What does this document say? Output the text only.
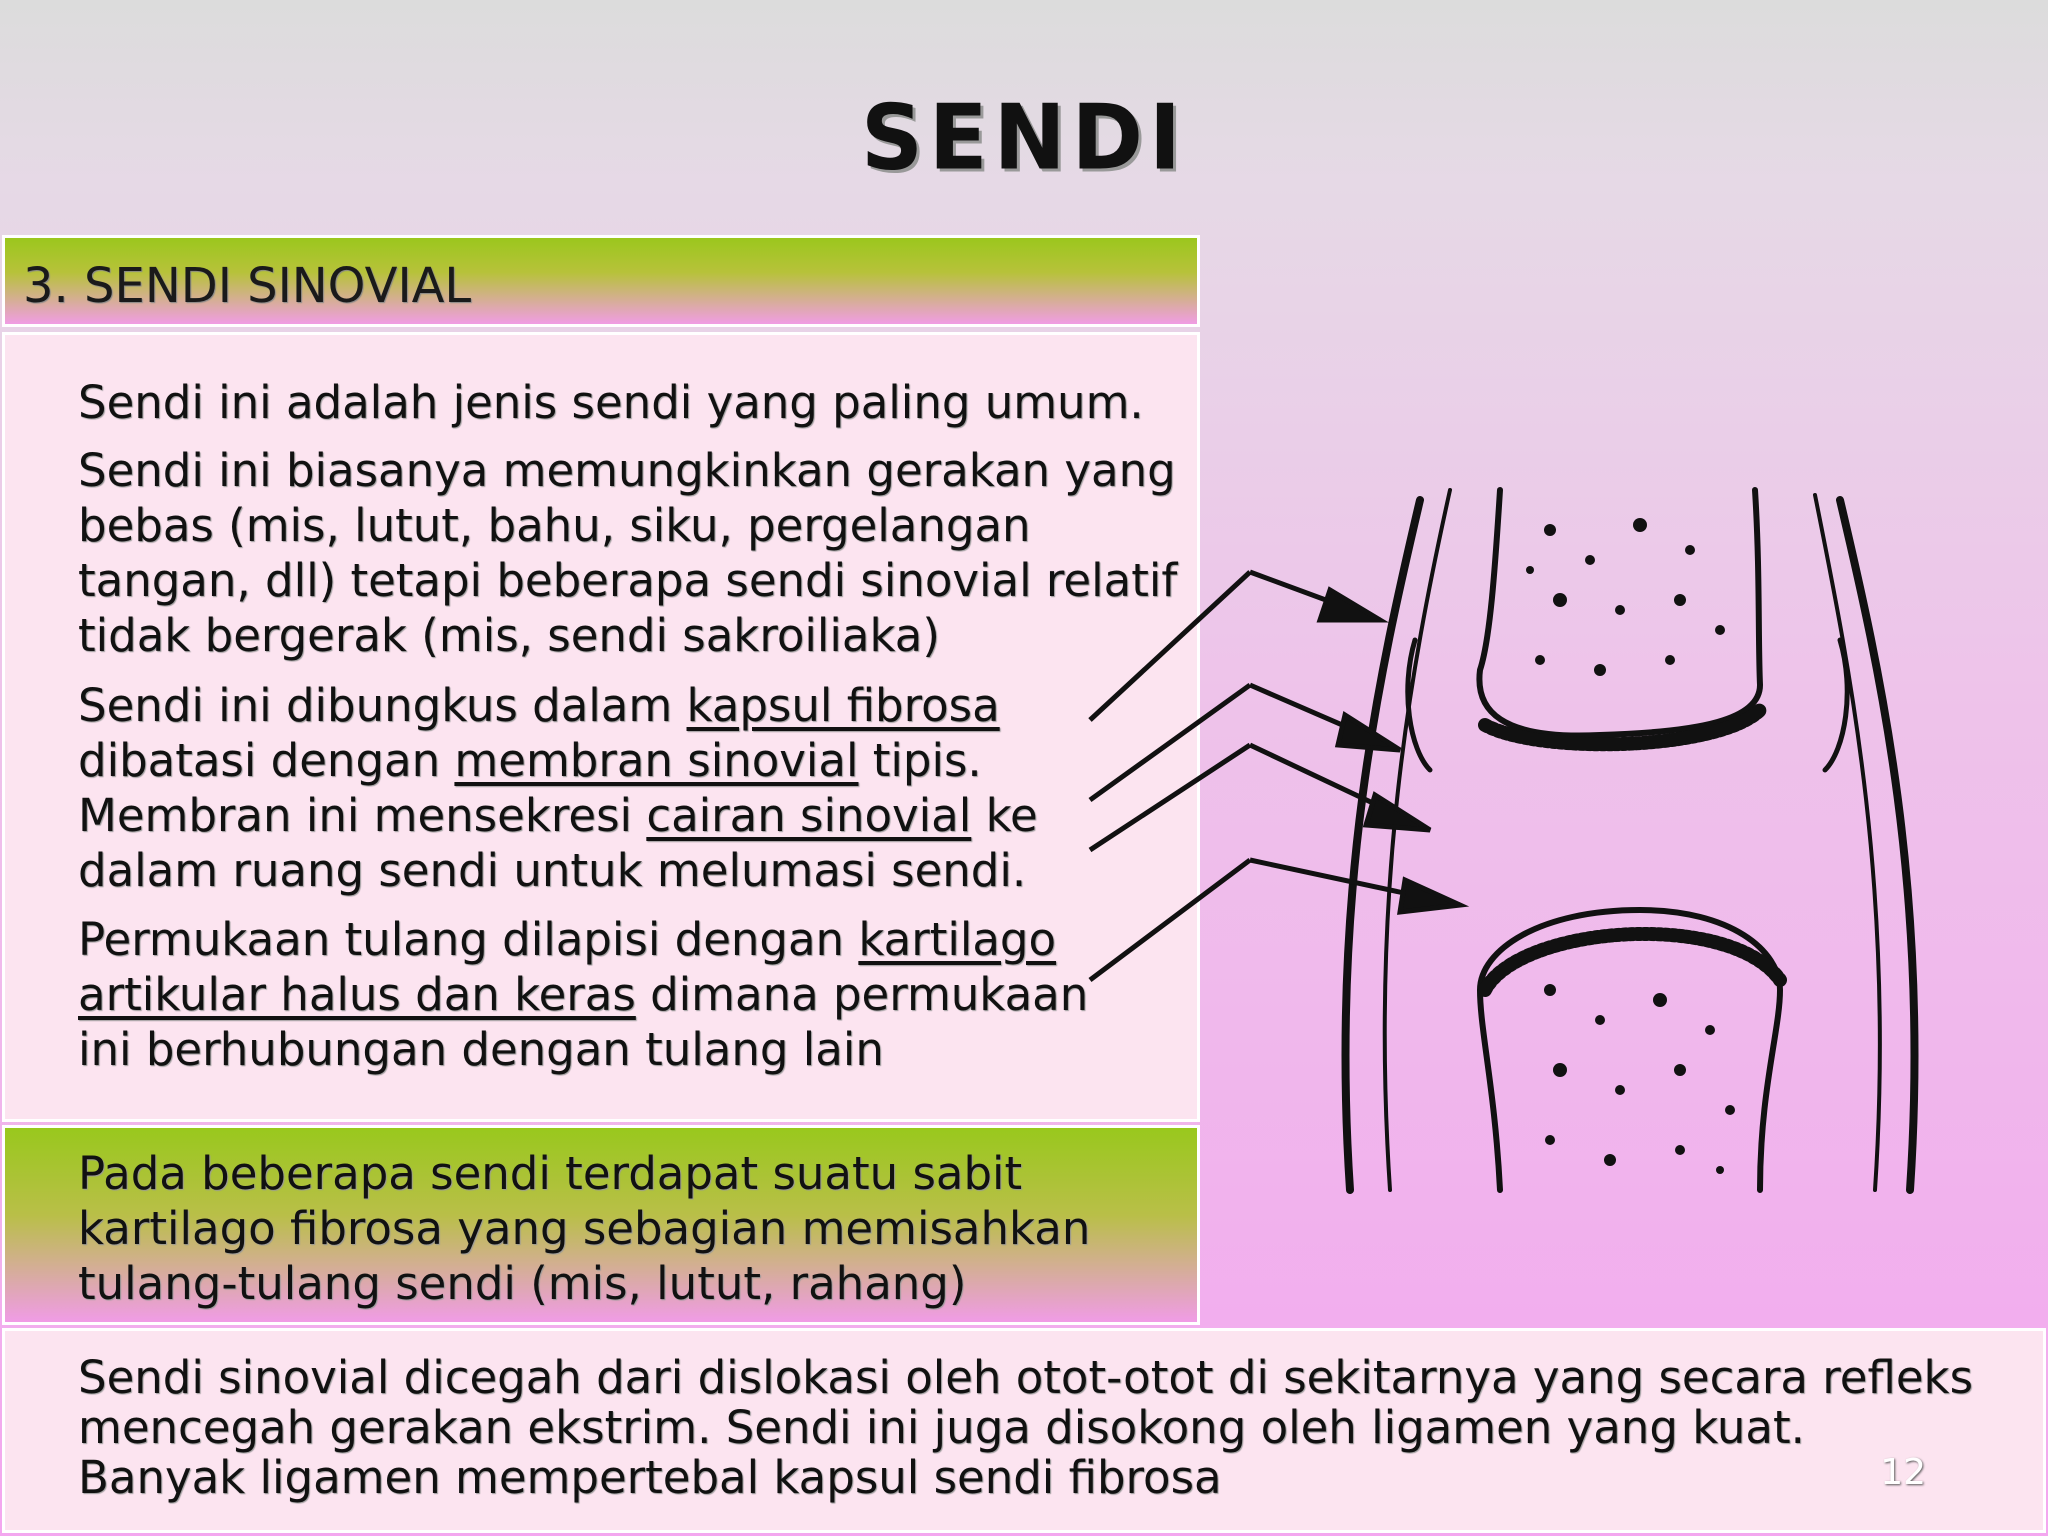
SENDI
3. SENDI SINOVIAL
Sendi ini adalah jenis sendi yang paling umum.
Sendi ini biasanya memungkinkan gerakan yang bebas (mis, lutut, bahu, siku, pergelangan tangan, dll) tetapi beberapa sendi sinovial relatif tidak bergerak (mis, sendi sakroiliaka)
Sendi ini dibungkus dalam kapsul fibrosa dibatasi dengan membran sinovial tipis. Membran ini mensekresi cairan sinovial ke dalam ruang sendi untuk melumasi sendi.
Permukaan tulang dilapisi dengan kartilago artikular halus dan keras dimana permukaan ini berhubungan dengan tulang lain
Pada beberapa sendi terdapat suatu sabit kartilago fibrosa yang sebagian memisahkan tulang-tulang sendi (mis, lutut, rahang)
Sendi sinovial dicegah dari dislokasi oleh otot-otot di sekitarnya yang secara refleks mencegah gerakan ekstrim. Sendi ini juga disokong oleh ligamen yang kuat. Banyak ligamen mempertebal kapsul sendi fibrosa	12
